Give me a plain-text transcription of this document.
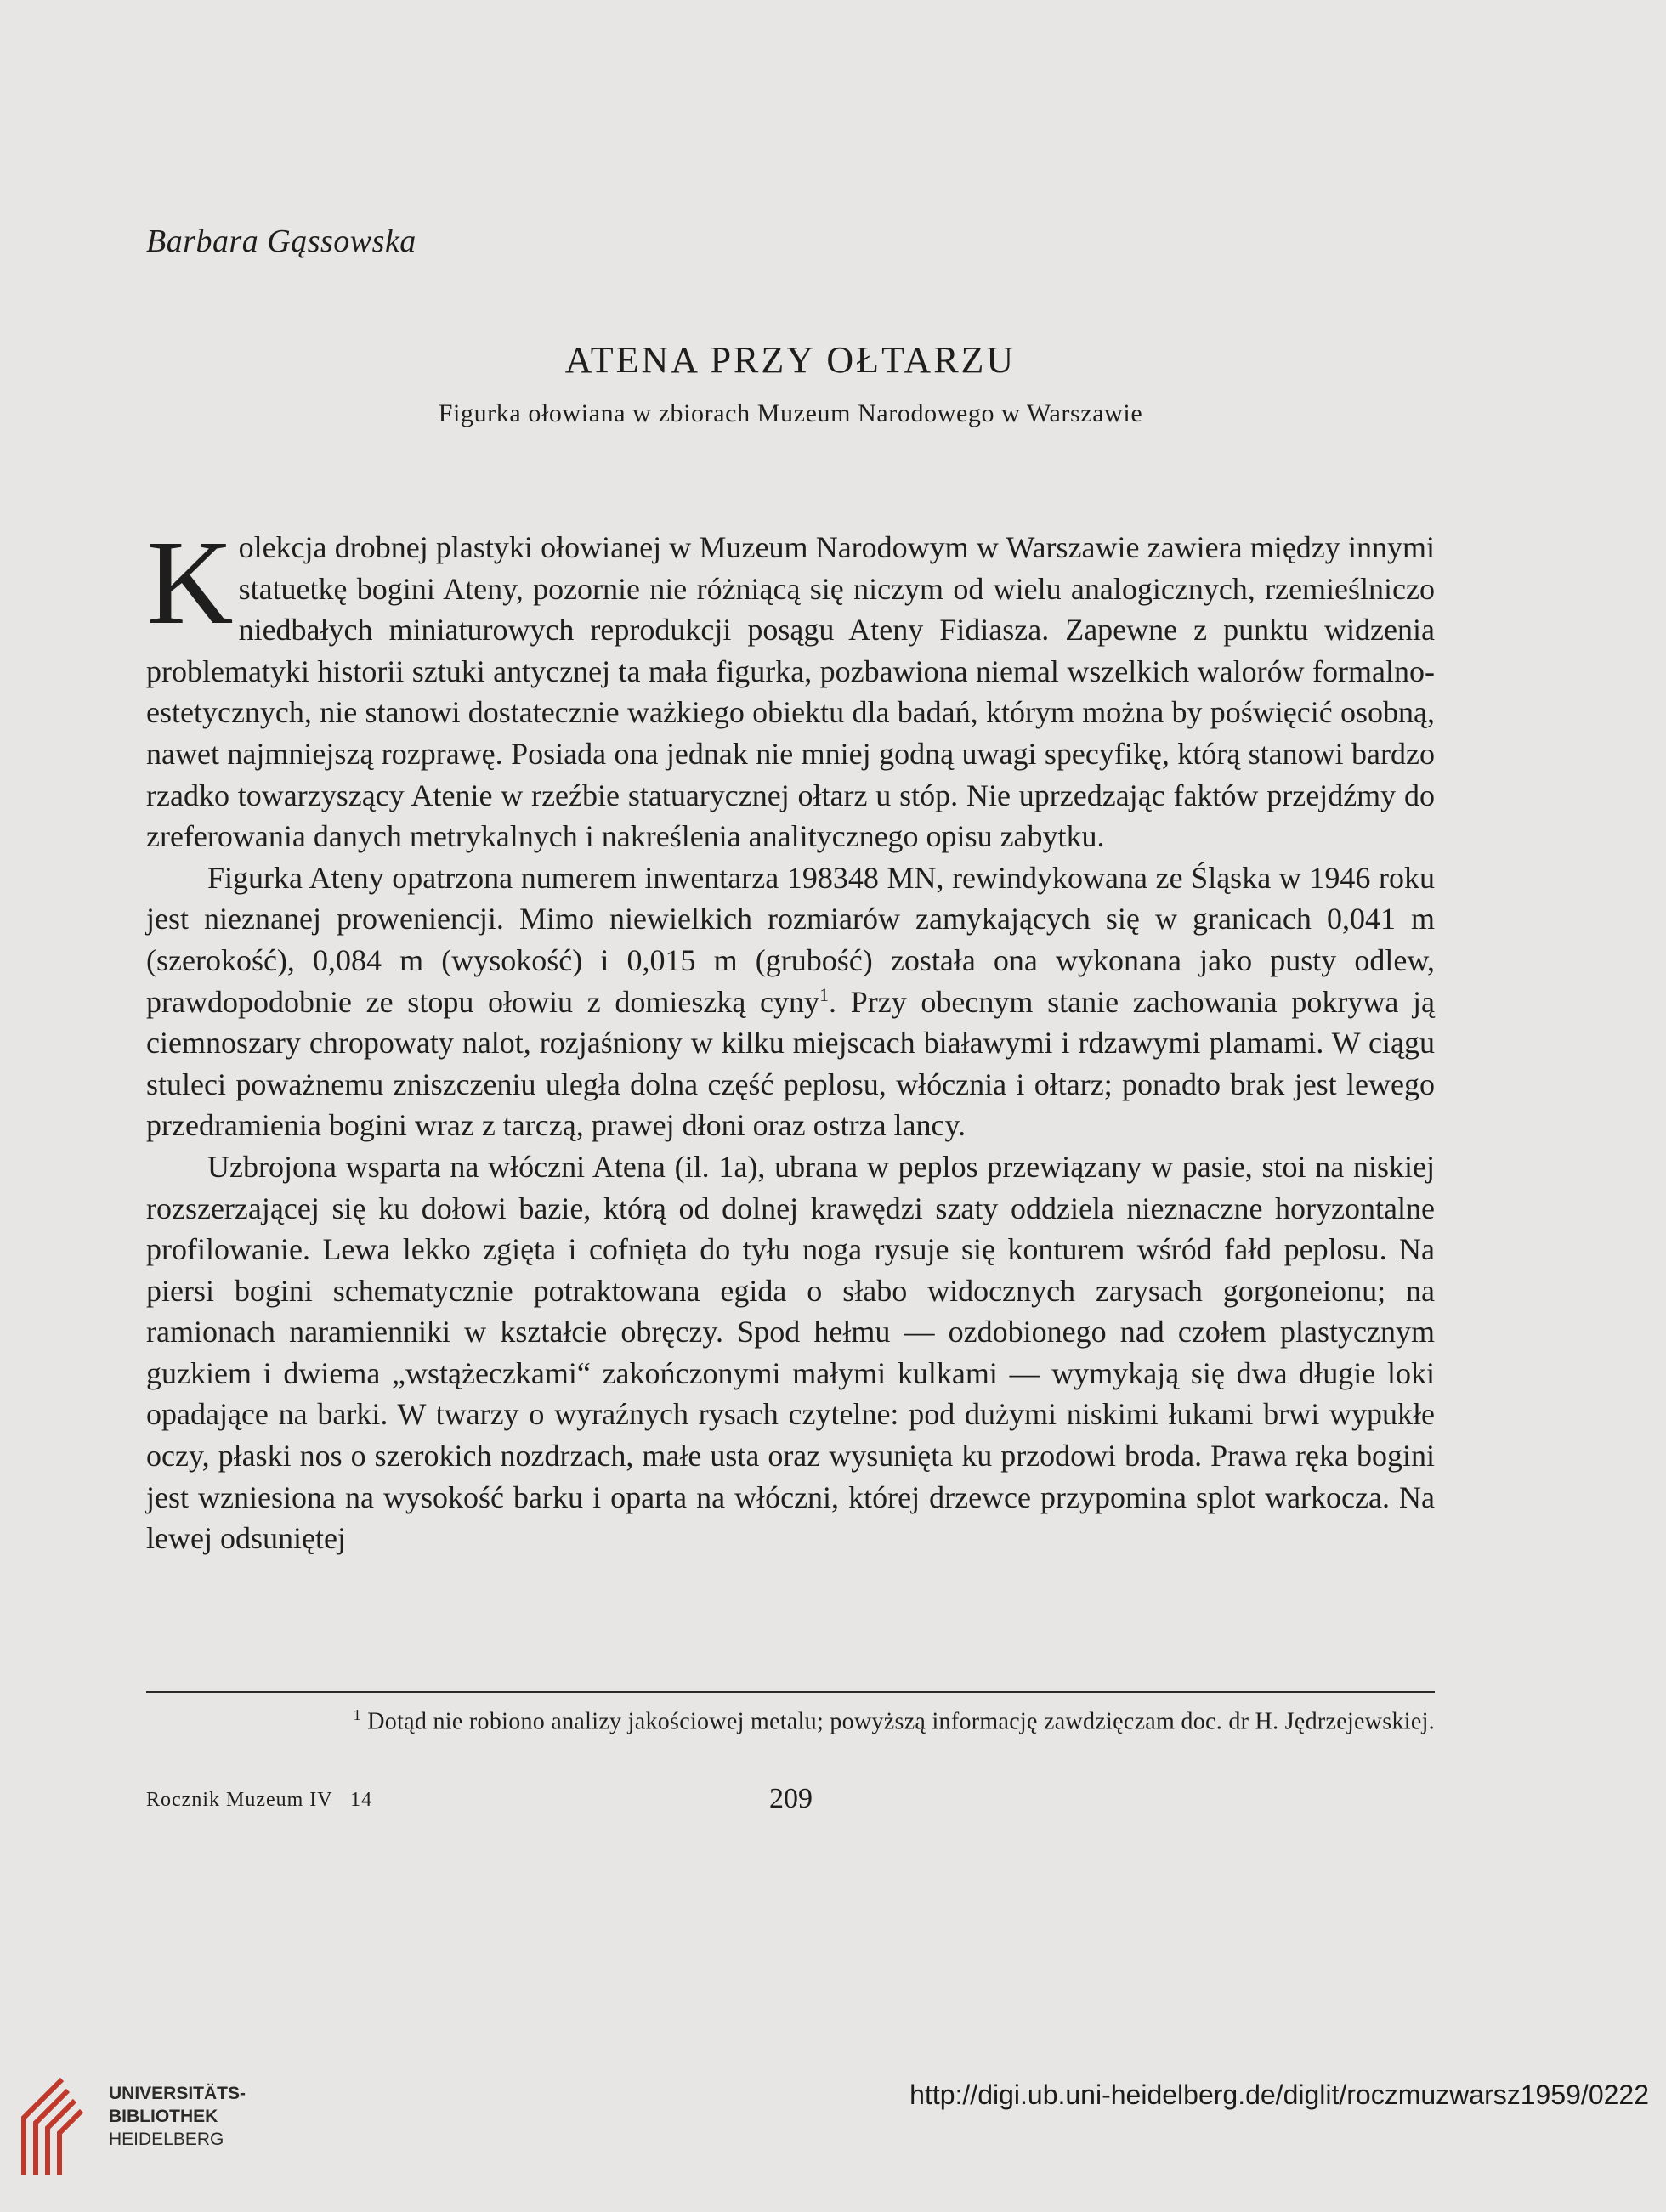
Barbara Gąssowska
ATENA PRZY OŁTARZU
Figurka ołowiana w zbiorach Muzeum Narodowego w Warszawie

Kolekcja drobnej plastyki ołowianej w Muzeum Narodowym w Warszawie zawiera między innymi statuetkę bogini Ateny, pozornie nie różniącą się niczym od wielu analogicznych, rzemieślniczo niedbałych miniaturowych reprodukcji posągu Ateny Fidiasza. Zapewne z punktu widzenia problematyki historii sztuki antycznej ta mała figurka, pozbawiona niemal wszelkich walorów formalno-estetycznych, nie stanowi dostatecznie ważkiego obiektu dla badań, którym można by poświęcić osobną, nawet najmniejszą rozprawę. Posiada ona jednak nie mniej godną uwagi specyfikę, którą stanowi bardzo rzadko towarzyszący Atenie w rzeźbie statuarycznej ołtarz u stóp. Nie uprzedzając faktów przejdźmy do zreferowania danych metrykalnych i nakreślenia analitycznego opisu zabytku.

Figurka Ateny opatrzona numerem inwentarza 198348 MN, rewindykowana ze Śląska w 1946 roku jest nieznanej proweniencji. Mimo niewielkich rozmiarów zamykających się w granicach 0,041 m (szerokość), 0,084 m (wysokość) i 0,015 m (grubość) została ona wykonana jako pusty odlew, prawdopodobnie ze stopu ołowiu z domieszką cyny$^1$. Przy obecnym stanie zachowania pokrywa ją ciemnoszary chropowaty nalot, rozjaśniony w kilku miejscach białawymi i rdzawymi plamami. W ciągu stuleci poważnemu zniszczeniu uległa dolna część peplosu, włócznia i ołtarz; ponadto brak jest lewego przedramienia bogini wraz z tarczą, prawej dłoni oraz ostrza lancy.

Uzbrojona wsparta na włóczni Atena (il. 1a), ubrana w peplos przewiązany w pasie, stoi na niskiej rozszerzającej się ku dołowi bazie, którą od dolnej krawędzi szaty oddziela nieznaczne horyzontalne profilowanie. Lewa lekko zgięta i cofnięta do tyłu noga rysuje się konturem wśród fałd peplosu. Na piersi bogini schematycznie potraktowana egida o słabo widocznych zarysach gorgoneionu; na ramionach naramienniki w kształcie obręczy. Spod hełmu — ozdobionego nad czołem plastycznym guzkiem i dwiema „wstążeczkami“ zakończonymi małymi kulkami — wymykają się dwa długie loki opadające na barki. W twarzy o wyraźnych rysach czytelne: pod dużymi niskimi łukami brwi wypukłe oczy, płaski nos o szerokich nozdrzach, małe usta oraz wysunięta ku przodowi broda. Prawa ręka bogini jest wzniesiona na wysokość barku i oparta na włóczni, której drzewce przypomina splot warkocza. Na lewej odsuniętej

$^1$ Dotąd nie robiono analizy jakościowej metalu; powyższą informację zawdzięczam doc. dr H. Jędrzejewskiej.
Rocznik Muzeum IV   14	209
UNIVERSITÄTS-
BIBLIOTHEK
HEIDELBERG
http://digi.ub.uni-heidelberg.de/diglit/roczmuzwarsz1959/0222
